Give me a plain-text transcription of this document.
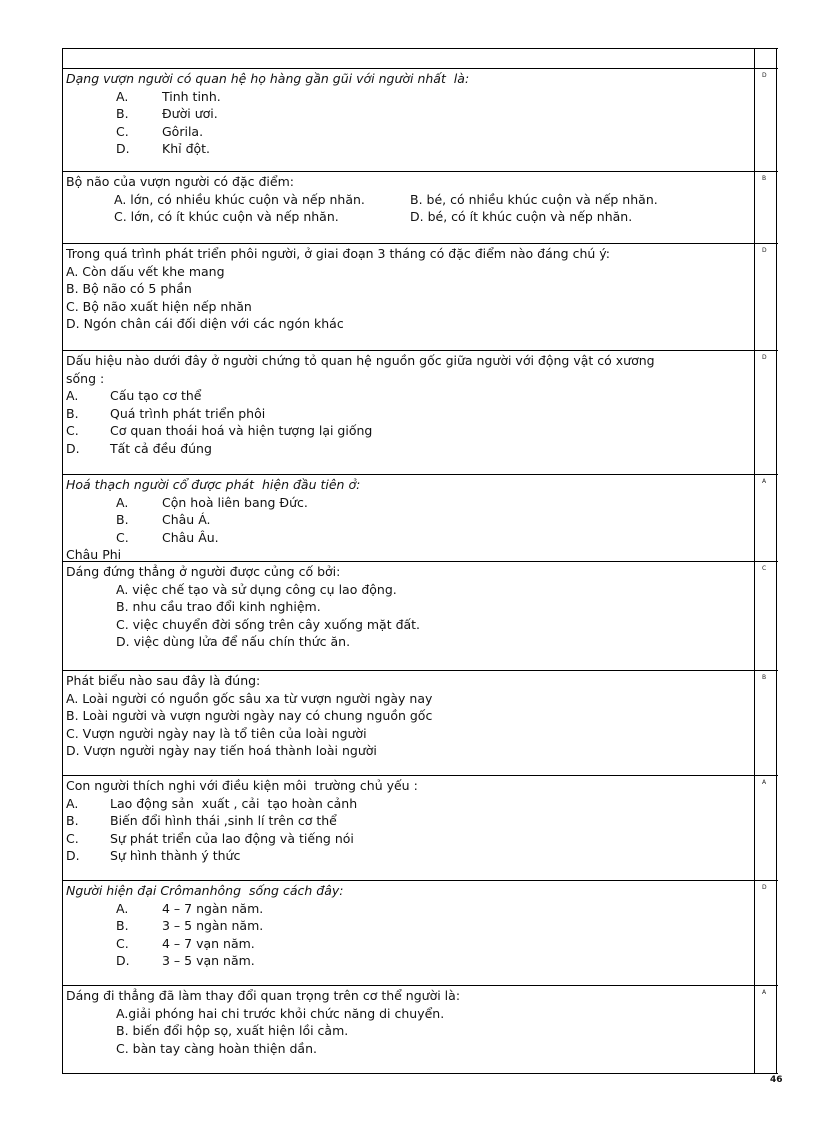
Dạng vượn người có quan hệ họ hàng gần gũi với người nhất  là:
A.	Tinh tinh.
B.	Đười ươi.
C.	Gôrila.
D.	Khỉ đột.
D
Bộ não của vượn người có đặc điểm:
A. lớn, có nhiều khúc cuộn và nếp nhăn.	B. bé, có nhiều khúc cuộn và nếp nhăn.
C. lớn, có ít khúc cuộn và nếp nhăn.	D. bé, có ít khúc cuộn và nếp nhăn.
B
Trong quá trình phát triển phôi người, ở giai đoạn 3 tháng có đặc điểm nào đáng chú ý:
A. Còn dấu vết khe mang
B. Bộ não có 5 phần
C. Bộ não xuất hiện nếp nhăn
D. Ngón chân cái đối diện với các ngón khác
D
Dấu hiệu nào dưới đây ở người chứng tỏ quan hệ nguồn gốc giữa người với động vật có xương
sống :
A.	Cấu tạo cơ thể
B.	Quá trình phát triển phôi
C.	Cơ quan thoái hoá và hiện tượng lại giống
D. Tất cả đều đúng
D
Hoá thạch người cổ được phát  hiện đầu tiên ở:
A.	Cộn hoà liên bang Đức.
B.	Châu Á.
C.	Châu Âu.
Châu Phi
A
Dáng đứng thẳng ở người được củng cố bởi:
A. việc chế tạo và sử dụng công cụ lao động.
B. nhu cầu trao đổi kinh nghiệm.
C. việc chuyển đời sống trên cây xuống mặt đất.
D. việc dùng lửa để nấu chín thức ăn.
C
Phát biểu nào sau đây là đúng:
A. Loài người có nguồn gốc sâu xa từ vượn người ngày nay
B. Loài người và vượn người ngày nay có chung nguồn gốc
C. Vượn người ngày nay là tổ tiên của loài người
D. Vượn người ngày nay tiến hoá thành loài người
B
Con người thích nghi với điều kiện môi  trường chủ yếu :
A.	Lao động sản  xuất , cải  tạo hoàn cảnh
B.	Biến đổi hình thái ,sinh lí trên cơ thể
C.	Sự phát triển của lao động và tiếng nói
D. Sự hình thành ý thức
A
Người hiện đại Crômanhông  sống cách đây:
A.	4 – 7 ngàn năm.
B.	3 – 5 ngàn năm.
C.	4 – 7 vạn năm.
D.	3 – 5 vạn năm.
D
Dáng đi thẳng đã làm thay đổi quan trọng trên cơ thể người là:
A.giải phóng hai chi trước khỏi chức năng di chuyển.
B. biến đổi hộp sọ, xuất hiện lồi cằm.
C. bàn tay càng hoàn thiện dần.
A
46
